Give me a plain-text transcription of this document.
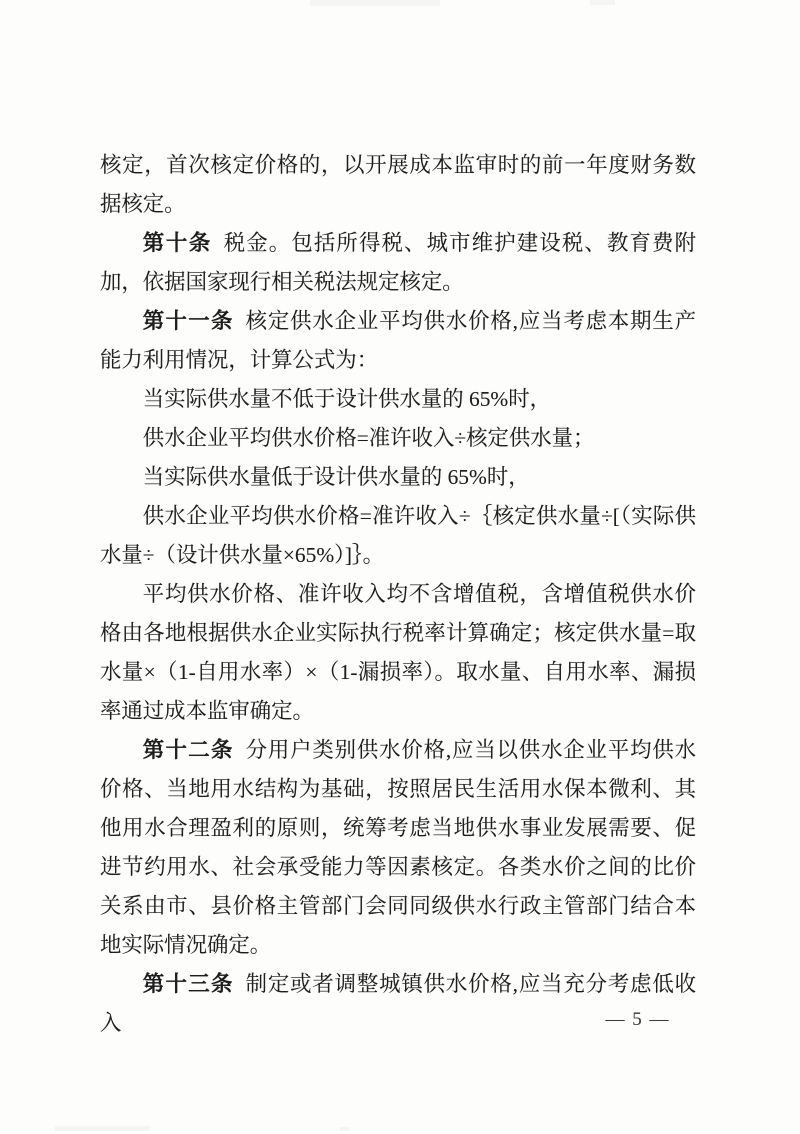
核定，首次核定价格的，以开展成本监审时的前一年度财务数据核定。

第十条 税金。包括所得税、城市维护建设税、教育费附加，依据国家现行相关税法规定核定。

第十一条 核定供水企业平均供水价格,应当考虑本期生产能力利用情况，计算公式为：

当实际供水量不低于设计供水量的 65%时，

供水企业平均供水价格=准许收入÷核定供水量；

当实际供水量低于设计供水量的 65%时，

供水企业平均供水价格=准许收入÷｛核定供水量÷[（实际供水量÷（设计供水量×65%）]｝。

平均供水价格、准许收入均不含增值税，含增值税供水价格由各地根据供水企业实际执行税率计算确定；核定供水量=取水量×（1-自用水率）×（1-漏损率）。取水量、自用水率、漏损率通过成本监审确定。

第十二条 分用户类别供水价格,应当以供水企业平均供水价格、当地用水结构为基础，按照居民生活用水保本微利、其他用水合理盈利的原则，统筹考虑当地供水事业发展需要、促进节约用水、社会承受能力等因素核定。各类水价之间的比价关系由市、县价格主管部门会同同级供水行政主管部门结合本地实际情况确定。

第十三条 制定或者调整城镇供水价格,应当充分考虑低收入	— 5 —
